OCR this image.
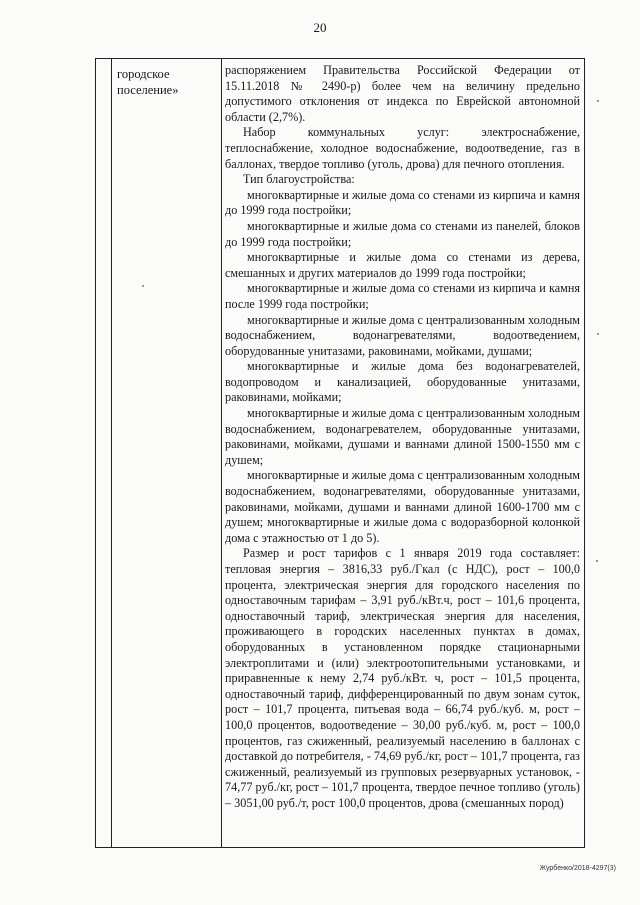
20
городское
поселение»

распоряжением Правительства Российской Федерации от 15.11.2018 № 2490-р) более чем на величину предельно допустимого отклонения от индекса по Еврейской автономной области (2,7%).

Набор коммунальных услуг: электроснабжение, теплоснабжение, холодное водоснабжение, водоотведение, газ в баллонах, твердое топливо (уголь, дрова) для печного отопления.

Тип благоустройства:

многоквартирные и жилые дома со стенами из кирпича и камня до 1999 года постройки;

многоквартирные и жилые дома со стенами из панелей, блоков до 1999 года постройки;

многоквартирные и жилые дома со стенами из дерева, смешанных и других материалов до 1999 года постройки;

многоквартирные и жилые дома со стенами из кирпича и камня после 1999 года постройки;

многоквартирные и жилые дома с централизованным холодным водоснабжением, водонагревателями, водоотведением, оборудованные унитазами, раковинами, мойками, душами;

многоквартирные и жилые дома без водонагревателей, водопроводом и канализацией, оборудованные унитазами, раковинами, мойками;

многоквартирные и жилые дома с централизованным холодным водоснабжением, водонагревателем, оборудованные унитазами, раковинами, мойками, душами и ваннами длиной 1500-1550 мм с душем;

многоквартирные и жилые дома с централизованным холодным водоснабжением, водонагревателями, оборудованные унитазами, раковинами, мойками, душами и ваннами длиной 1600-1700 мм с душем; многоквартирные и жилые дома с водоразборной колонкой дома с этажностью от 1 до 5).

Размер и рост тарифов с 1 января 2019 года составляет: тепловая энергия – 3816,33 руб./Гкал (с НДС), рост – 100,0 процента, электрическая энергия для городского населения по одноставочным тарифам – 3,91 руб./кВт.ч, рост – 101,6 процента, одноставочный тариф, электрическая энергия для населения, проживающего в городских населенных пунктах в домах, оборудованных в установленном порядке стационарными электроплитами и (или) электроотопительными установками, и приравненные к нему 2,74 руб./кВт. ч, рост – 101,5 процента, одноставочный тариф, дифференцированный по двум зонам суток, рост – 101,7 процента, питьевая вода – 66,74 руб./куб. м, рост – 100,0 процентов, водоотведение – 30,00 руб./куб. м, рост – 100,0 процентов, газ сжиженный, реализуемый населению в баллонах с доставкой до потребителя, - 74,69 руб./кг, рост – 101,7 процента, газ сжиженный, реализуемый из групповых резервуарных установок, - 74,77 руб./кг, рост – 101,7 процента, твердое печное топливо (уголь) – 3051,00 руб./т, рост 100,0 процентов, дрова (смешанных пород)

Журбенко/2018-4297(3)
